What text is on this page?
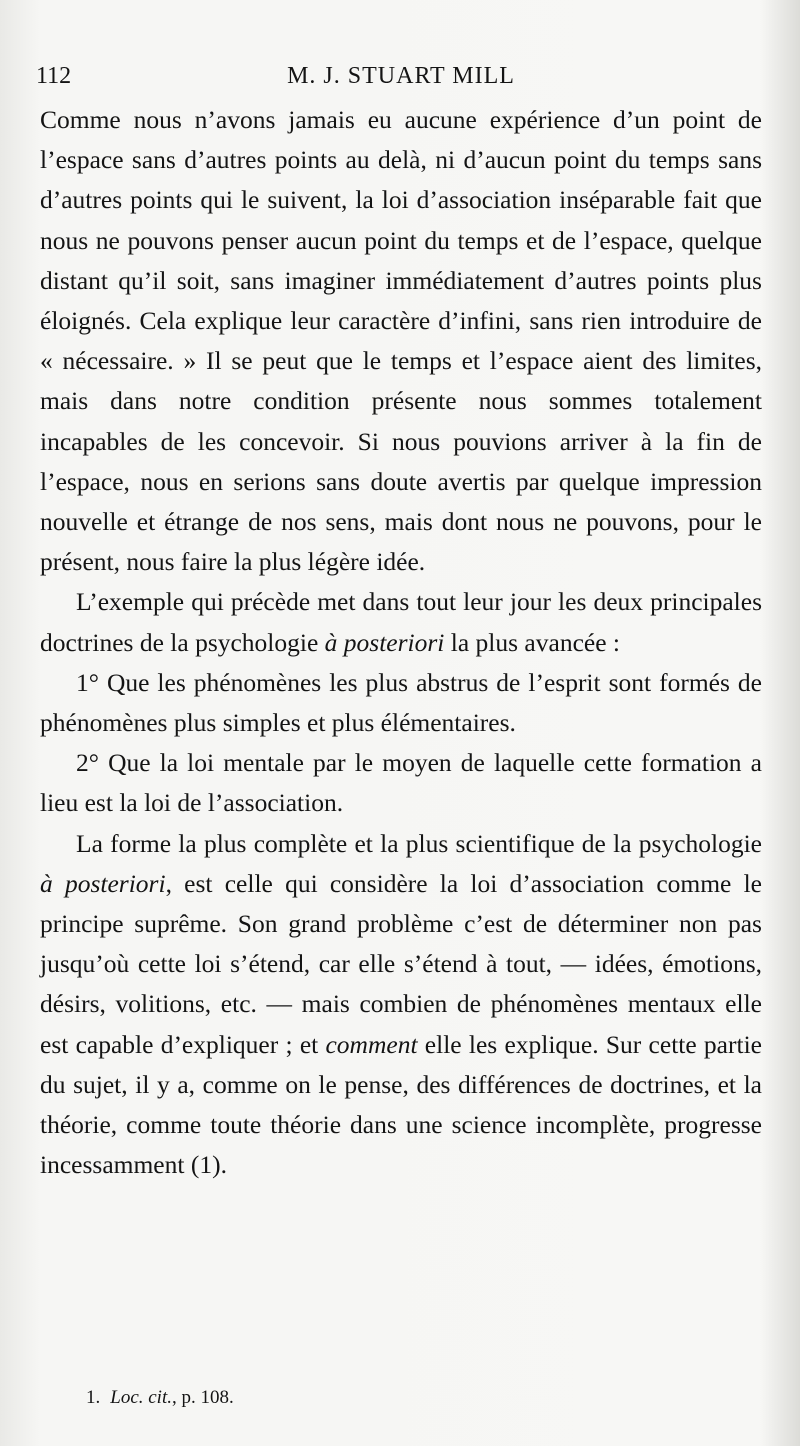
112	M. J. STUART MILL

Comme nous n’avons jamais eu aucune expérience d’un point de l’espace sans d’autres points au delà, ni d’aucun point du temps sans d’autres points qui le suivent, la loi d’association inséparable fait que nous ne pouvons penser aucun point du temps et de l’espace, quelque distant qu’il soit, sans imaginer immédiatement d’autres points plus éloignés. Cela explique leur caractère d’infini, sans rien introduire de « nécessaire. » Il se peut que le temps et l’espace aient des limites, mais dans notre condition présente nous sommes totalement incapables de les concevoir. Si nous pouvions arriver à la fin de l’espace, nous en serions sans doute avertis par quelque impression nouvelle et étrange de nos sens, mais dont nous ne pouvons, pour le présent, nous faire la plus légère idée.

L’exemple qui précède met dans tout leur jour les deux principales doctrines de la psychologie à posteriori la plus avancée :

1° Que les phénomènes les plus abstrus de l’esprit sont formés de phénomènes plus simples et plus élémentaires.

2° Que la loi mentale par le moyen de laquelle cette formation a lieu est la loi de l’association.

La forme la plus complète et la plus scientifique de la psychologie à posteriori, est celle qui considère la loi d’association comme le principe suprême. Son grand problème c’est de déterminer non pas jusqu’où cette loi s’étend, car elle s’étend à tout, — idées, émotions, désirs, volitions, etc. — mais combien de phénomènes mentaux elle est capable d’expliquer ; et comment elle les explique. Sur cette partie du sujet, il y a, comme on le pense, des différences de doctrines, et la théorie, comme toute théorie dans une science incomplète, progresse incessamment (1).

1. Loc. cit., p. 108.
